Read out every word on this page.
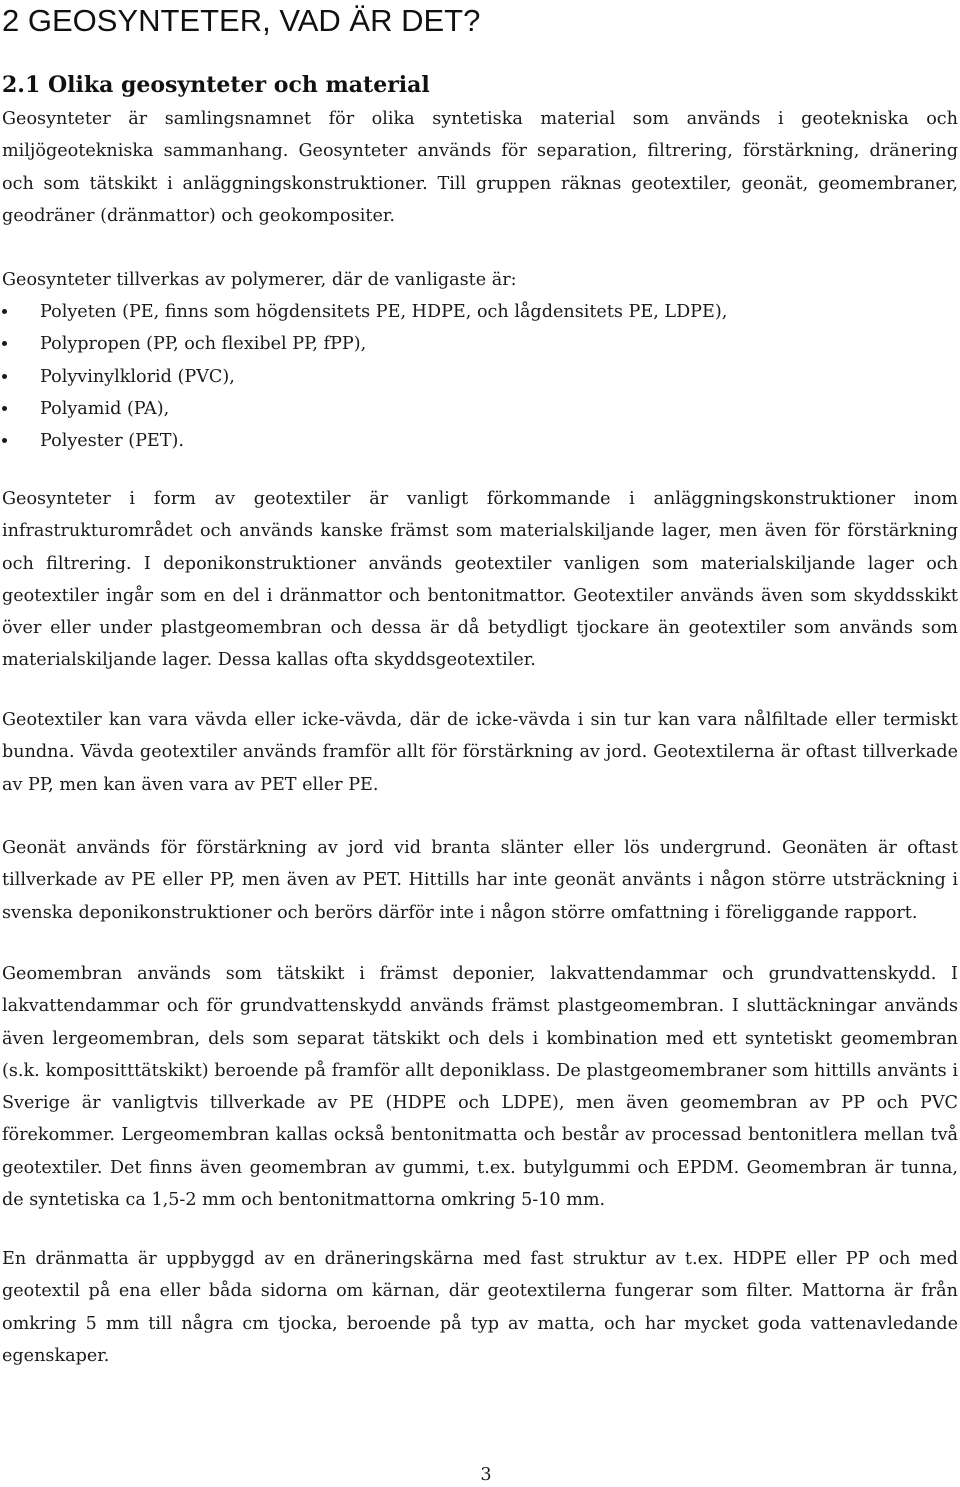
2 GEOSYNTETER, VAD ÄR DET?
2.1 Olika geosynteter och material

Geosynteter är samlingsnamnet för olika syntetiska material som används i geotekniska och miljögeotekniska sammanhang. Geosynteter används för separation, filtrering, förstärkning, dränering och som tätskikt i anläggningskonstruktioner. Till gruppen räknas geotextiler, geonät, geomembraner, geodräner (dränmattor) och geokompositer.

Geosynteter tillverkas av polymerer, där de vanligaste är:

Polyeten (PE, finns som högdensitets PE, HDPE, och lågdensitets PE, LDPE),
Polypropen (PP, och flexibel PP, fPP),
Polyvinylklorid (PVC),
Polyamid (PA),
Polyester (PET).

Geosynteter i form av geotextiler är vanligt förkommande i anläggningskonstruktioner inom infrastrukturområdet och används kanske främst som materialskiljande lager, men även för förstärkning och filtrering. I deponikonstruktioner används geotextiler vanligen som materialskiljande lager och geotextiler ingår som en del i dränmattor och bentonitmattor. Geotextiler används även som skyddsskikt över eller under plastgeomembran och dessa är då betydligt tjockare än geotextiler som används som materialskiljande lager. Dessa kallas ofta skyddsgeotextiler.

Geotextiler kan vara vävda eller icke-vävda, där de icke-vävda i sin tur kan vara nålfiltade eller termiskt bundna. Vävda geotextiler används framför allt för förstärkning av jord. Geotextilerna är oftast tillverkade av PP, men kan även vara av PET eller PE.

Geonät används för förstärkning av jord vid branta slänter eller lös undergrund. Geonäten är oftast tillverkade av PE eller PP, men även av PET. Hittills har inte geonät använts i någon större utsträckning i svenska deponikonstruktioner och berörs därför inte i någon större omfattning i föreliggande rapport.

Geomembran används som tätskikt i främst deponier, lakvattendammar och grundvattenskydd. I lakvattendammar och för grundvattenskydd används främst plastgeomembran. I sluttäckningar används även lergeomembran, dels som separat tätskikt och dels i kombination med ett syntetiskt geomembran (s.k. kompositttätskikt) beroende på framför allt deponiklass. De plastgeomembraner som hittills använts i Sverige är vanligtvis tillverkade av PE (HDPE och LDPE), men även geomembran av PP och PVC förekommer. Lergeomembran kallas också bentonitmatta och består av processad bentonitlera mellan två geotextiler. Det finns även geomembran av gummi, t.ex. butylgummi och EPDM. Geomembran är tunna, de syntetiska ca 1,5-2 mm och bentonitmattorna omkring 5-10 mm.

En dränmatta är uppbyggd av en dräneringskärna med fast struktur av t.ex. HDPE eller PP och med geotextil på ena eller båda sidorna om kärnan, där geotextilerna fungerar som filter. Mattorna är från omkring 5 mm till några cm tjocka, beroende på typ av matta, och har mycket goda vattenavledande egenskaper.

3
